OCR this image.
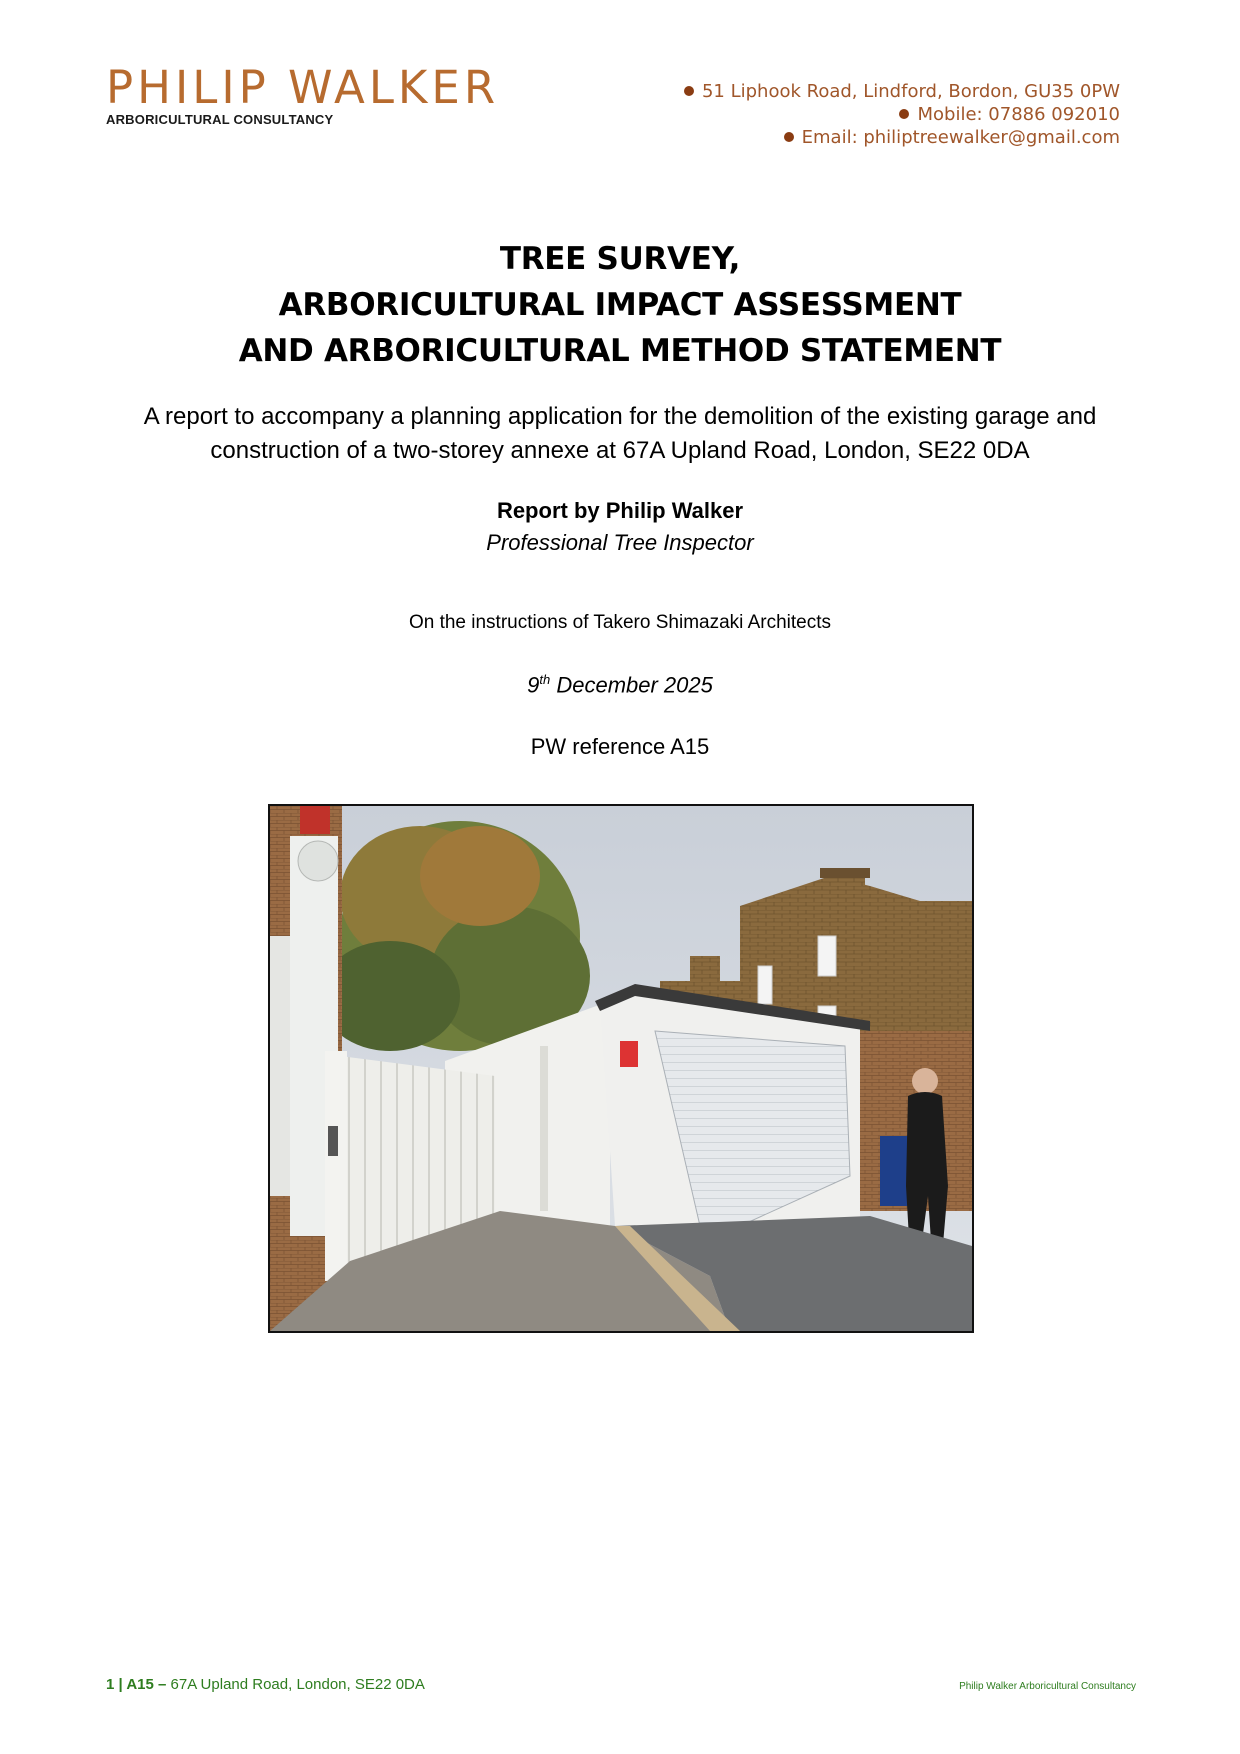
PHILIP WALKER
ARBORICULTURAL CONSULTANCY
51 Liphook Road, Lindford, Bordon, GU35 0PW
Mobile: 07886 092010
Email: philiptreewalker@gmail.com
TREE SURVEY,
ARBORICULTURAL IMPACT ASSESSMENT
AND ARBORICULTURAL METHOD STATEMENT
A report to accompany a planning application for the demolition of the existing garage and
construction of a two-storey annexe at 67A Upland Road, London, SE22 0DA
Report by Philip Walker
Professional Tree Inspector
On the instructions of Takero Shimazaki Architects
9th December 2025
PW reference A15
1 | A15 – 67A Upland Road, London, SE22 0DA	Philip Walker Arboricultural Consultancy
